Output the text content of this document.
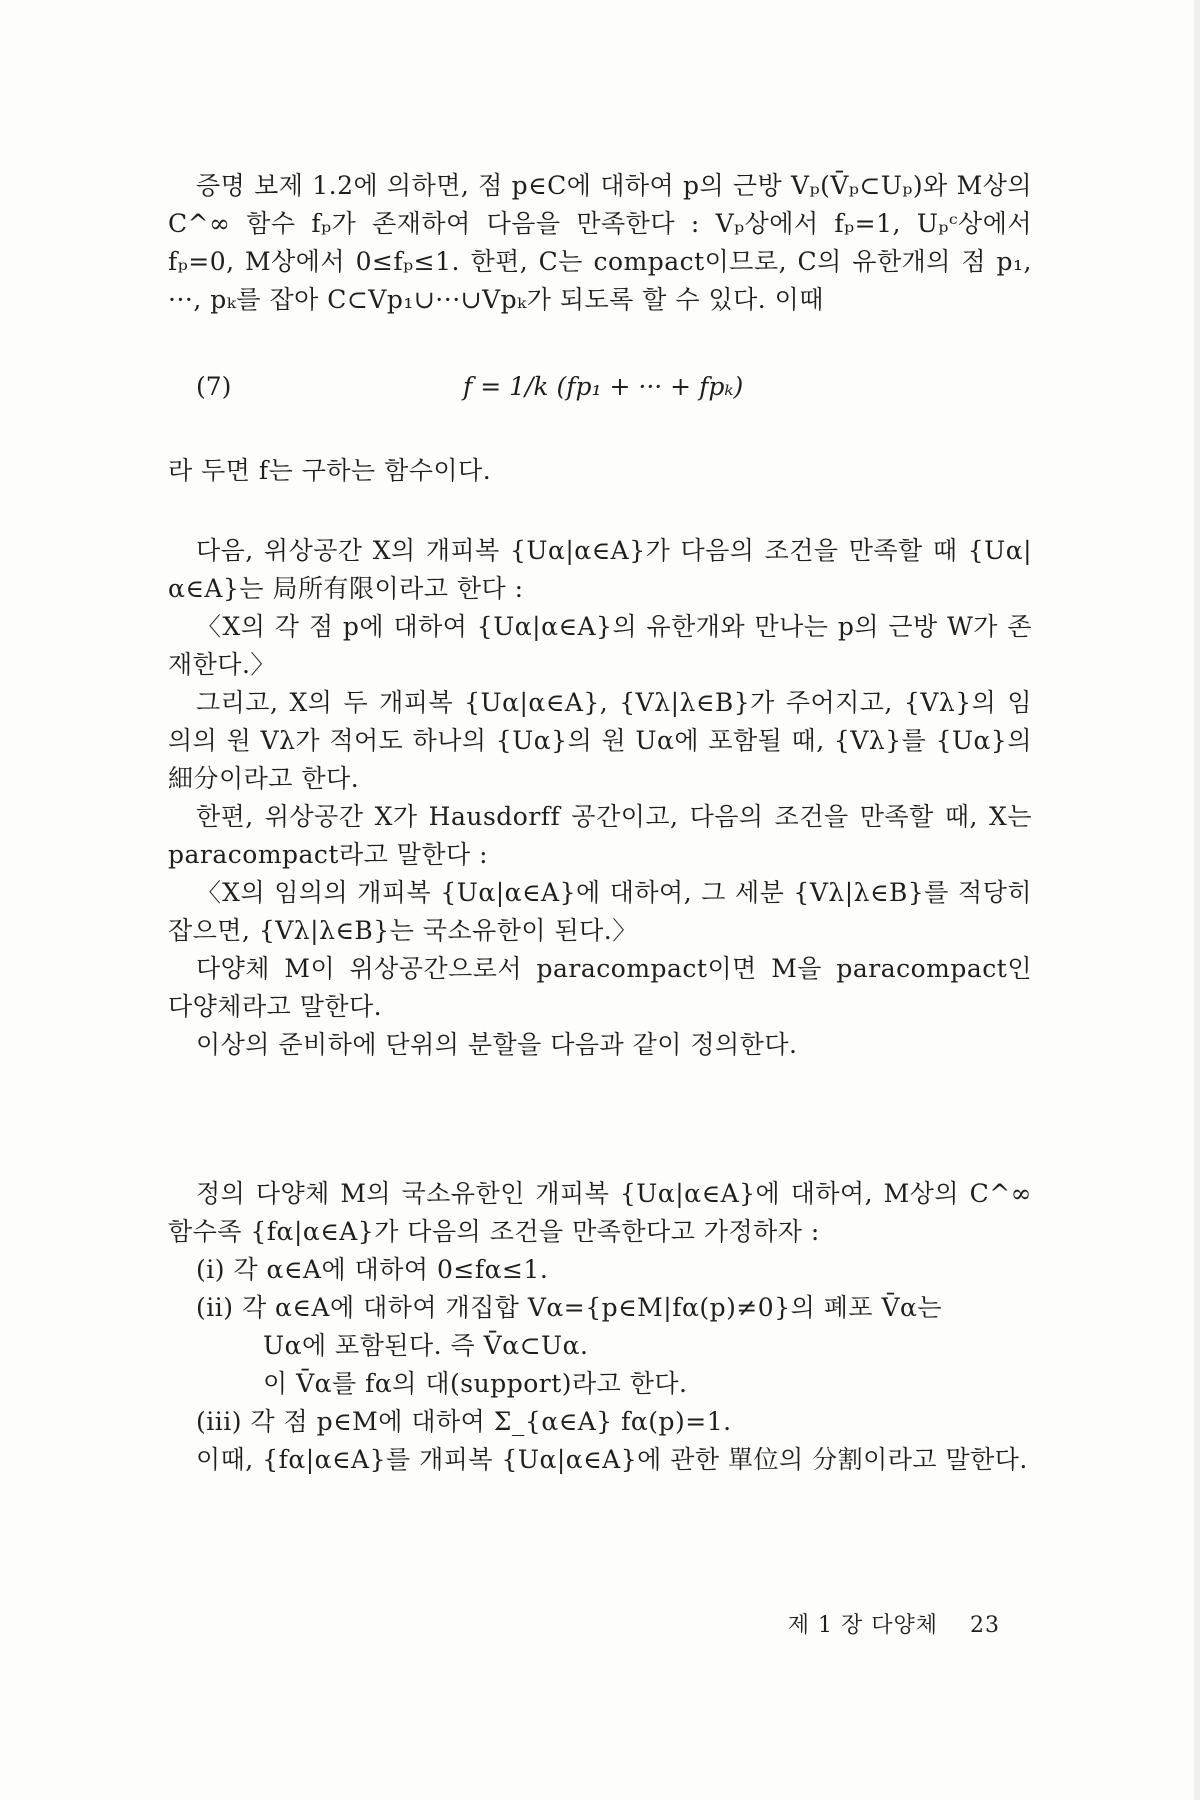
증명 보제 1.2에 의하면, 점 p∈C에 대하여 p의 근방 Vₚ(V̄ₚ⊂Uₚ)와 M상의 C^∞ 함수 fₚ가 존재하여 다음을 만족한다 : Vₚ상에서 fₚ=1, Uₚᶜ상에서 fₚ=0, M상에서 0≤fₚ≤1. 한편, C는 compact이므로, C의 유한개의 점 p₁, ···, pₖ를 잡아 C⊂Vp₁∪···∪Vpₖ가 되도록 할 수 있다. 이때

(7)	f = 1/k (fp₁ + ··· + fpₖ)

라 두면 f는 구하는 함수이다.

다음, 위상공간 X의 개피복 {Uα|α∈A}가 다음의 조건을 만족할 때 {Uα|α∈A}는 局所有限이라고 한다 :

〈X의 각 점 p에 대하여 {Uα|α∈A}의 유한개와 만나는 p의 근방 W가 존재한다.〉

그리고, X의 두 개피복 {Uα|α∈A}, {Vλ|λ∈B}가 주어지고, {Vλ}의 임의의 원 Vλ가 적어도 하나의 {Uα}의 원 Uα에 포함될 때, {Vλ}를 {Uα}의 細分이라고 한다.

한편, 위상공간 X가 Hausdorff 공간이고, 다음의 조건을 만족할 때, X는 paracompact라고 말한다 :

〈X의 임의의 개피복 {Uα|α∈A}에 대하여, 그 세분 {Vλ|λ∈B}를 적당히 잡으면, {Vλ|λ∈B}는 국소유한이 된다.〉

다양체 M이 위상공간으로서 paracompact이면 M을 paracompact인 다양체라고 말한다.

이상의 준비하에 단위의 분할을 다음과 같이 정의한다.

정의 다양체 M의 국소유한인 개피복 {Uα|α∈A}에 대하여, M상의 C^∞ 함수족 {fα|α∈A}가 다음의 조건을 만족한다고 가정하자 :

(i) 각 α∈A에 대하여 0≤fα≤1.

(ii) 각 α∈A에 대하여 개집합 Vα={p∈M|fα(p)≠0}의 폐포 V̄α는

Uα에 포함된다. 즉 V̄α⊂Uα.

이 V̄α를 fα의 대(support)라고 한다.

(iii) 각 점 p∈M에 대하여 Σ_{α∈A} fα(p)=1.

이때, {fα|α∈A}를 개피복 {Uα|α∈A}에 관한 單位의 分割이라고 말한다.

제 1 장 다양체 23
